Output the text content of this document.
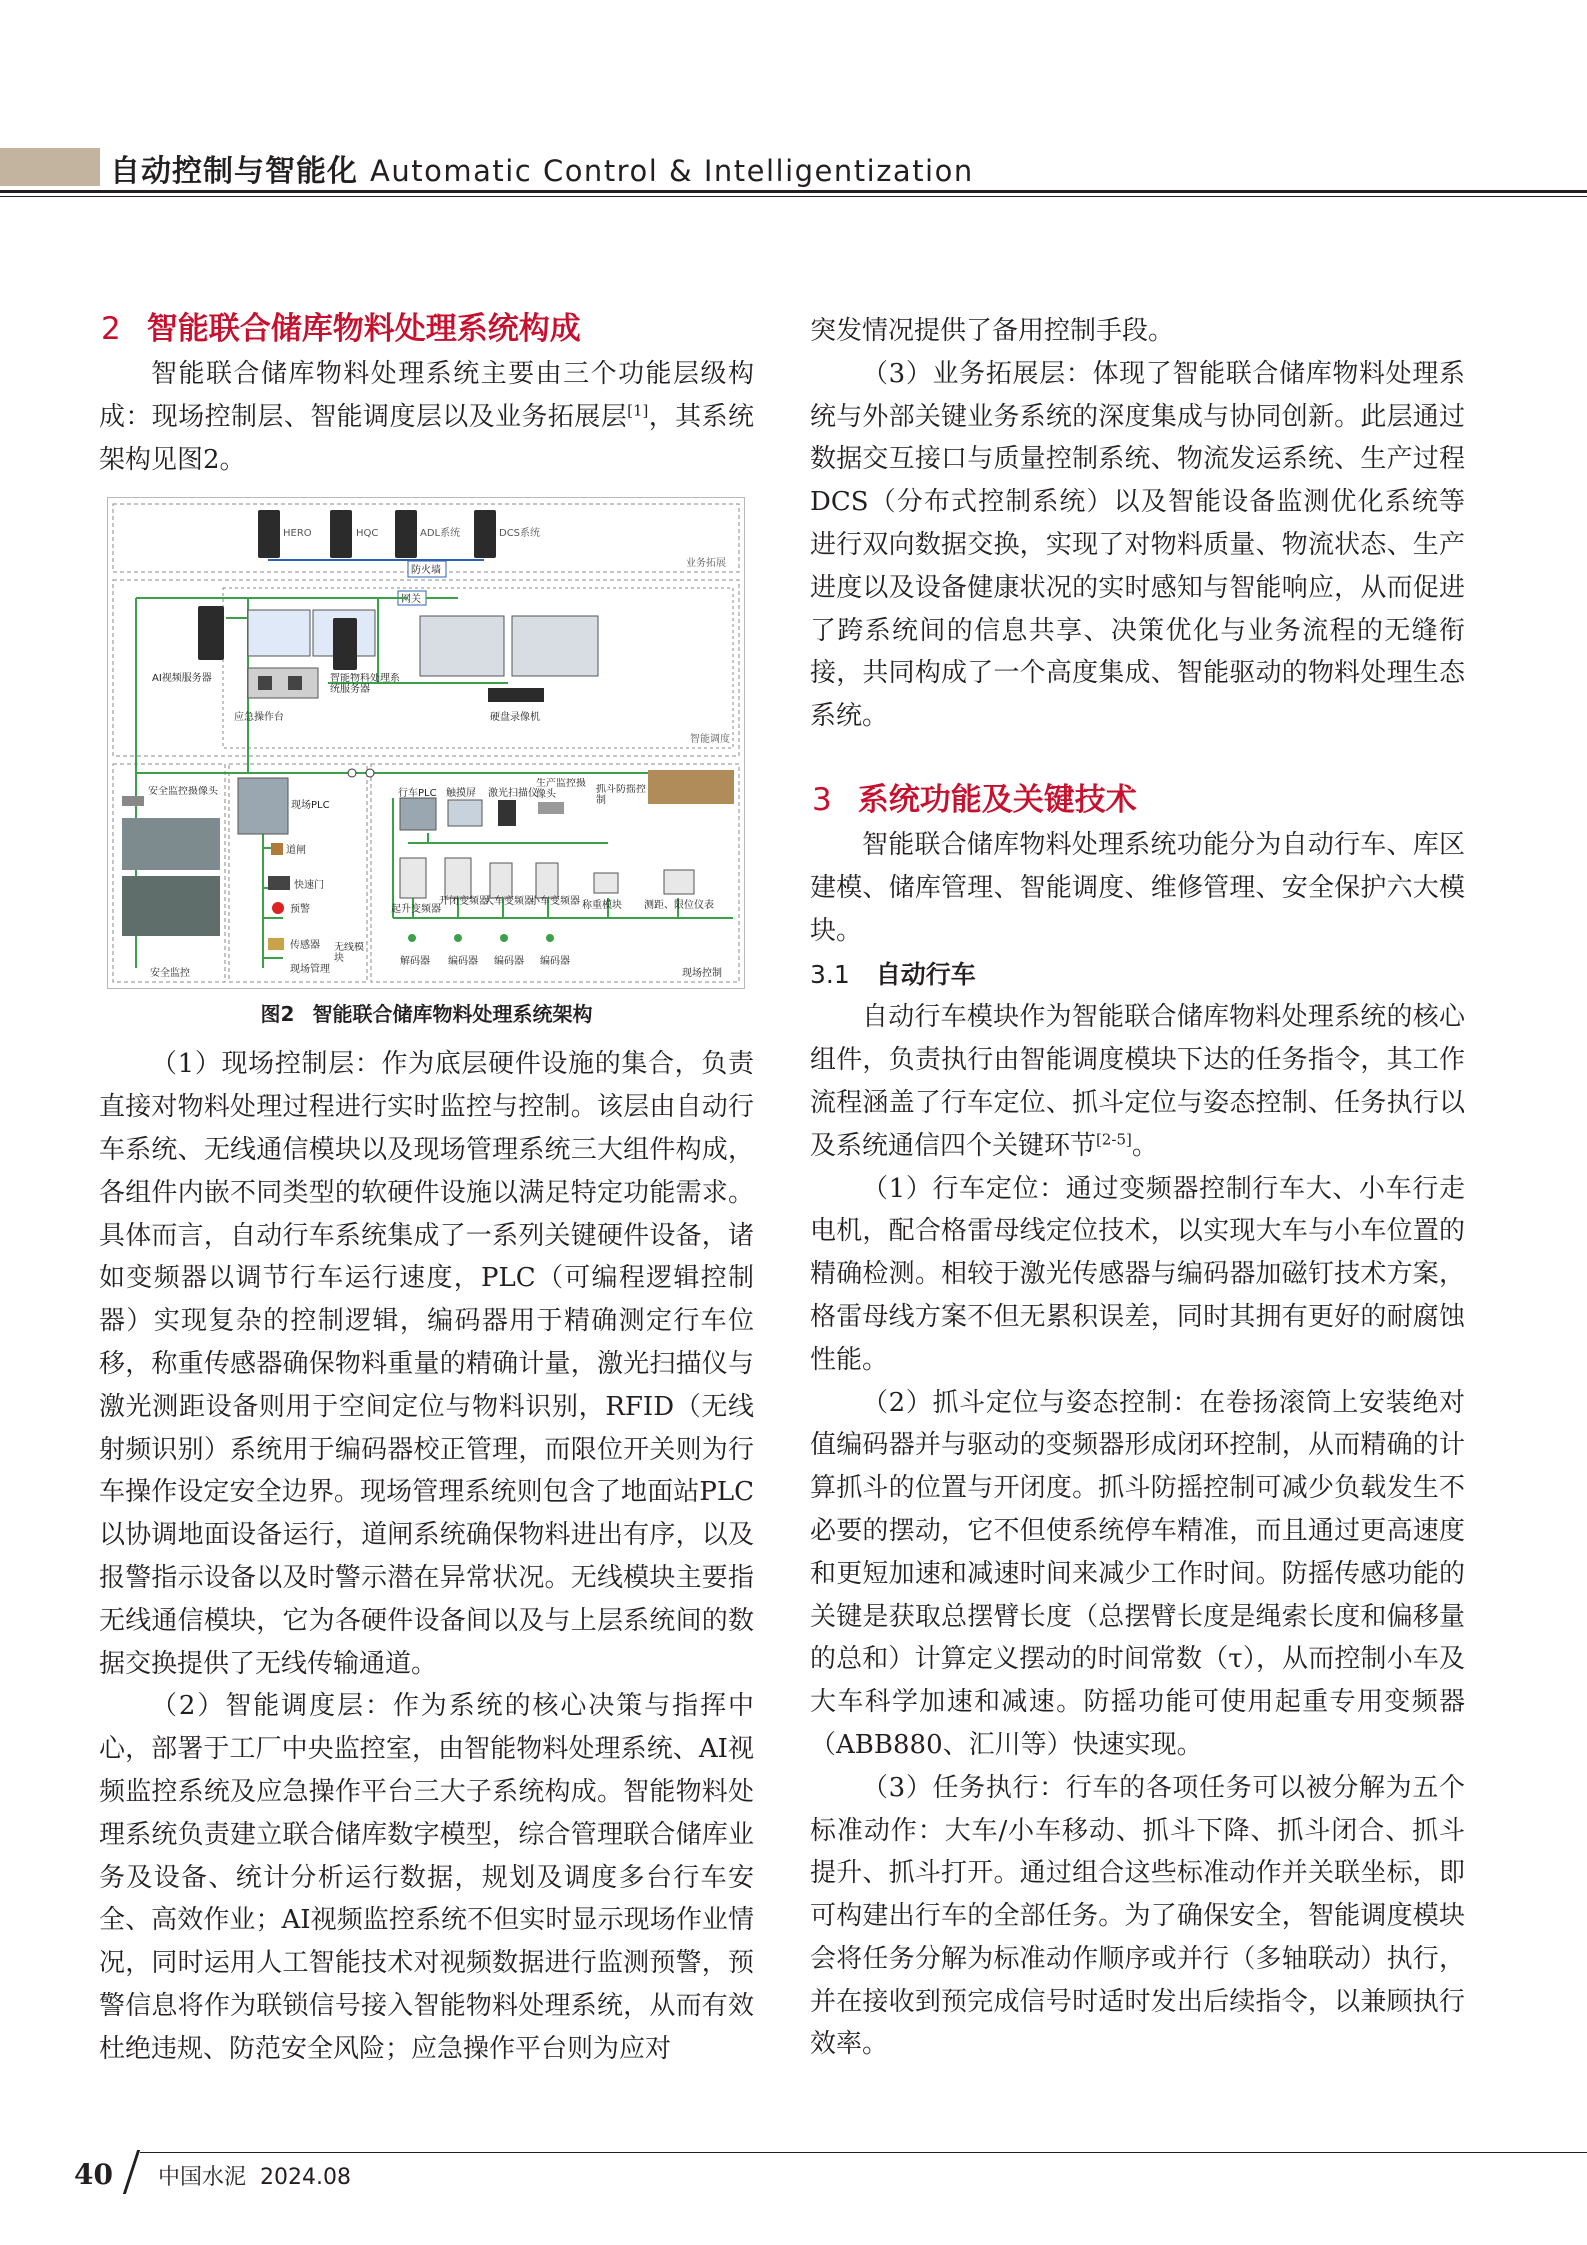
自动控制与智能化 Automatic Control & Intelligentization
2 智能联合储库物料处理系统构成

智能联合储库物料处理系统主要由三个功能层级构成：现场控制层、智能调度层以及业务拓展层[1]，其系统架构见图2。

HERO	HQC	ADL系统	DCS系统
业务拓展
防火墙
网关
AI视频服务器	智能物料处理系统服务器
应急操作台	硬盘录像机
智能调度
安全监控摄像头
安全监控
现场PLC
道闸
快速门
预警
传感器
现场管理
无线模块
行车PLC 触摸屏 激光扫描仪
生产监控摄像头	抓斗防摇控制
起升变频器
开闭变频器
大车变频器
小车变频器 称重模块 测距、限位仪表
解码器 编码器 编码器 编码器
现场控制
图2 智能联合储库物料处理系统架构

（1）现场控制层：作为底层硬件设施的集合，负责直接对物料处理过程进行实时监控与控制。该层由自动行车系统、无线通信模块以及现场管理系统三大组件构成，各组件内嵌不同类型的软硬件设施以满足特定功能需求。具体而言，自动行车系统集成了一系列关键硬件设备，诸如变频器以调节行车运行速度，PLC（可编程逻辑控制器）实现复杂的控制逻辑，编码器用于精确测定行车位移，称重传感器确保物料重量的精确计量，激光扫描仪与激光测距设备则用于空间定位与物料识别，RFID（无线射频识别）系统用于编码器校正管理，而限位开关则为行车操作设定安全边界。现场管理系统则包含了地面站PLC以协调地面设备运行，道闸系统确保物料进出有序，以及报警指示设备以及时警示潜在异常状况。无线模块主要指无线通信模块，它为各硬件设备间以及与上层系统间的数据交换提供了无线传输通道。

（2）智能调度层：作为系统的核心决策与指挥中心，部署于工厂中央监控室，由智能物料处理系统、AI视频监控系统及应急操作平台三大子系统构成。智能物料处理系统负责建立联合储库数字模型，综合管理联合储库业务及设备、统计分析运行数据，规划及调度多台行车安全、高效作业；AI视频监控系统不但实时显示现场作业情况，同时运用人工智能技术对视频数据进行监测预警，预警信息将作为联锁信号接入智能物料处理系统，从而有效杜绝违规、防范安全风险；应急操作平台则为应对

突发情况提供了备用控制手段。

（3）业务拓展层：体现了智能联合储库物料处理系统与外部关键业务系统的深度集成与协同创新。此层通过数据交互接口与质量控制系统、物流发运系统、生产过程DCS（分布式控制系统）以及智能设备监测优化系统等进行双向数据交换，实现了对物料质量、物流状态、生产进度以及设备健康状况的实时感知与智能响应，从而促进了跨系统间的信息共享、决策优化与业务流程的无缝衔接，共同构成了一个高度集成、智能驱动的物料处理生态系统。

3 系统功能及关键技术

智能联合储库物料处理系统功能分为自动行车、库区建模、储库管理、智能调度、维修管理、安全保护六大模块。

3.1 自动行车

自动行车模块作为智能联合储库物料处理系统的核心组件，负责执行由智能调度模块下达的任务指令，其工作流程涵盖了行车定位、抓斗定位与姿态控制、任务执行以及系统通信四个关键环节[2-5]。

（1）行车定位：通过变频器控制行车大、小车行走电机，配合格雷母线定位技术，以实现大车与小车位置的精确检测。相较于激光传感器与编码器加磁钉技术方案，格雷母线方案不但无累积误差，同时其拥有更好的耐腐蚀性能。

（2）抓斗定位与姿态控制：在卷扬滚筒上安装绝对值编码器并与驱动的变频器形成闭环控制，从而精确的计算抓斗的位置与开闭度。抓斗防摇控制可减少负载发生不必要的摆动，它不但使系统停车精准，而且通过更高速度和更短加速和减速时间来减少工作时间。防摇传感功能的关键是获取总摆臂长度（总摆臂长度是绳索长度和偏移量的总和）计算定义摆动的时间常数（τ），从而控制小车及大车科学加速和减速。防摇功能可使用起重专用变频器（ABB880、汇川等）快速实现。

（3）任务执行：行车的各项任务可以被分解为五个标准动作：大车/小车移动、抓斗下降、抓斗闭合、抓斗提升、抓斗打开。通过组合这些标准动作并关联坐标，即可构建出行车的全部任务。为了确保安全，智能调度模块会将任务分解为标准动作顺序或并行（多轴联动）执行，并在接收到预完成信号时适时发出后续指令，以兼顾执行效率。

40 中国水泥 2024.08
